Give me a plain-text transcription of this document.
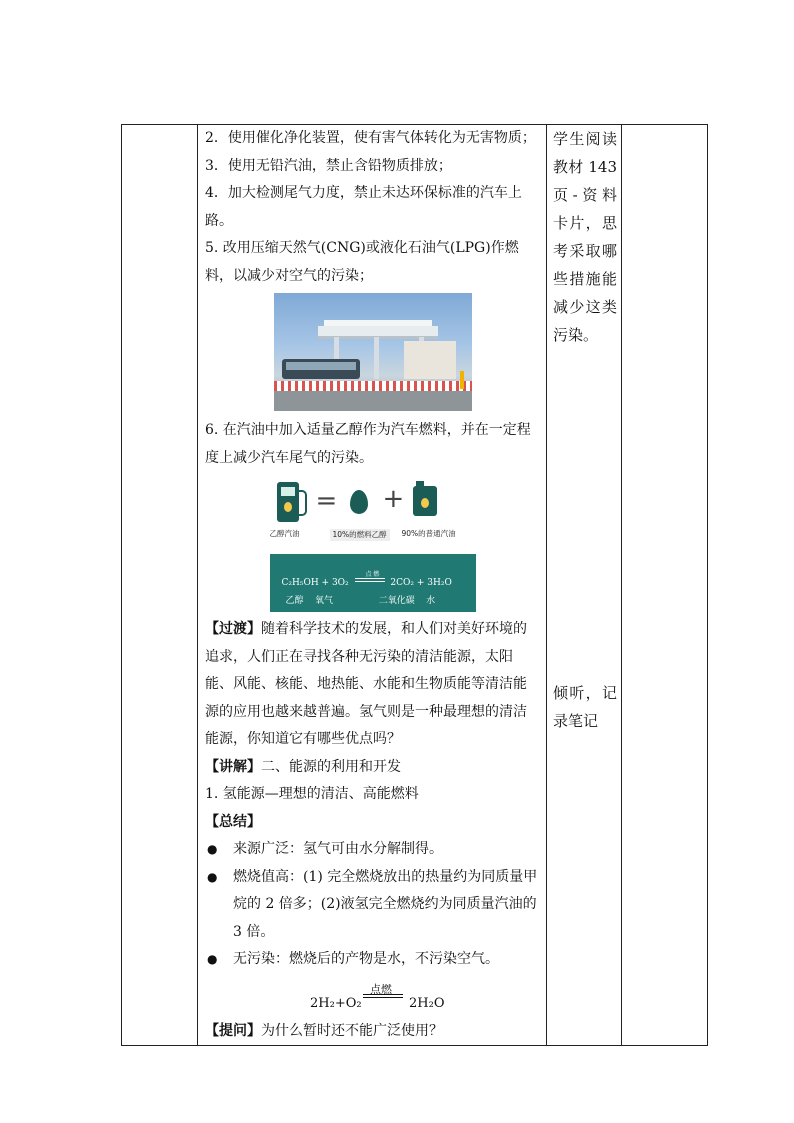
2．使用催化净化装置，使有害气体转化为无害物质；

3．使用无铅汽油，禁止含铅物质排放；

4．加大检测尾气力度，禁止未达环保标准的汽车上路。

5. 改用压缩天然气(CNG)或液化石油气(LPG)作燃料，以减少对空气的污染；

6. 在汽油中加入适量乙醇作为汽车燃料，并在一定程度上减少汽车尾气的污染。

= +
乙醇汽油	10%的燃料乙醇	90%的普通汽油
点 燃
C₂H₅OH + 3O₂	2CO₂ + 3H₂O
乙醇    氧气                二氧化碳    水

【过渡】随着科学技术的发展，和人们对美好环境的追求，人们正在寻找各种无污染的清洁能源，太阳能、风能、核能、地热能、水能和生物质能等清洁能源的应用也越来越普遍。氢气则是一种最理想的清洁能源，你知道它有哪些优点吗？

【讲解】二、能源的利用和开发

1. 氢能源—理想的清洁、高能燃料

【总结】

● 来源广泛：氢气可由水分解制得。

● 燃烧值高：(1) 完全燃烧放出的热量约为同质量甲烷的 2 倍多；(2)液氢完全燃烧约为同质量汽油的 3 倍。

● 无污染：燃烧后的产物是水，不污染空气。

点燃
2H₂+O₂	2H₂O

【提问】为什么暂时还不能广泛使用？

学生阅读教材 143 页-资料卡片，思考采取哪些措施能减少这类污染。

倾听，记录笔记
